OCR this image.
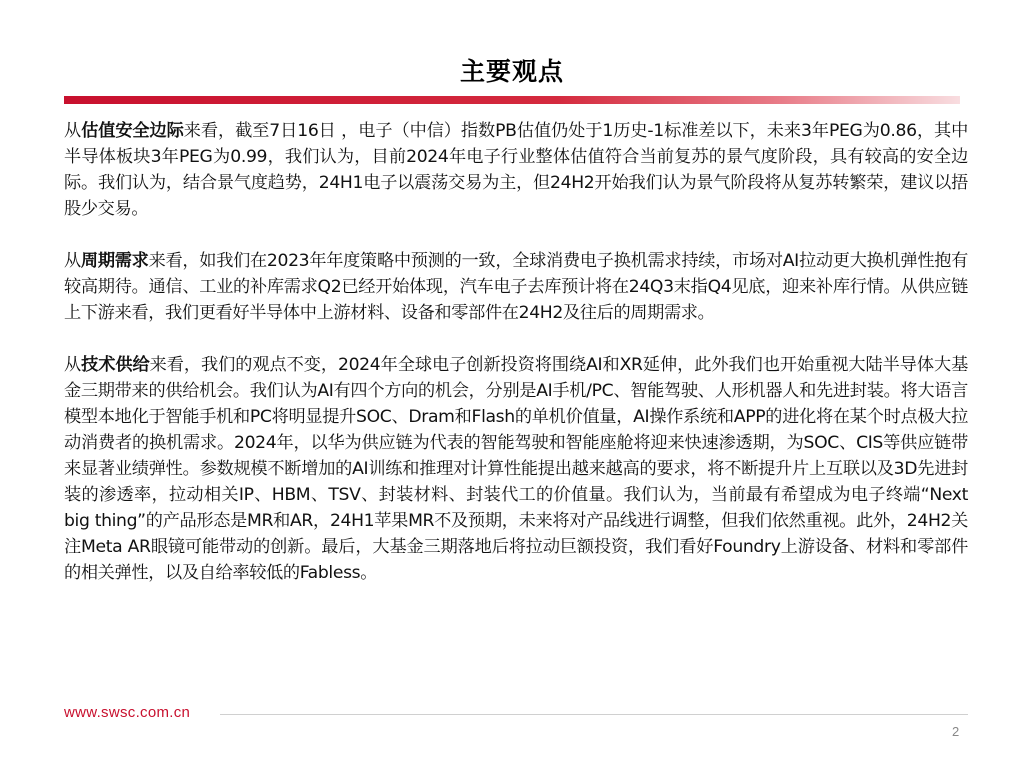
主要观点

从估值安全边际来看，截至7日16日 ，电子（中信）指数PB估值仍处于1历史-1标准差以下，未来3年PEG为0.86，其中半导体板块3年PEG为0.99，我们认为，目前2024年电子行业整体估值符合当前复苏的景气度阶段，具有较高的安全边际。我们认为，结合景气度趋势，24H1电子以震荡交易为主，但24H2开始我们认为景气阶段将从复苏转繁荣，建议以捂股少交易。

从周期需求来看，如我们在2023年年度策略中预测的一致，全球消费电子换机需求持续，市场对AI拉动更大换机弹性抱有较高期待。通信、工业的补库需求Q2已经开始体现，汽车电子去库预计将在24Q3末指Q4见底，迎来补库行情。从供应链上下游来看，我们更看好半导体中上游材料、设备和零部件在24H2及往后的周期需求。

从技术供给来看，我们的观点不变，2024年全球电子创新投资将围绕AI和XR延伸，此外我们也开始重视大陆半导体大基金三期带来的供给机会。我们认为AI有四个方向的机会，分别是AI手机/PC、智能驾驶、人形机器人和先进封装。将大语言模型本地化于智能手机和PC将明显提升SOC、Dram和Flash的单机价值量，AI操作系统和APP的进化将在某个时点极大拉动消费者的换机需求。2024年，以华为供应链为代表的智能驾驶和智能座舱将迎来快速渗透期，为SOC、CIS等供应链带来显著业绩弹性。参数规模不断增加的AI训练和推理对计算性能提出越来越高的要求，将不断提升片上互联以及3D先进封装的渗透率，拉动相关IP、HBM、TSV、封装材料、封装代工的价值量。我们认为，当前最有希望成为电子终端“Next big thing”的产品形态是MR和AR，24H1苹果MR不及预期，未来将对产品线进行调整，但我们依然重视。此外，24H2关注Meta AR眼镜可能带动的创新。最后，大基金三期落地后将拉动巨额投资，我们看好Foundry上游设备、材料和零部件的相关弹性，以及自给率较低的Fabless。

www.swsc.com.cn
2
